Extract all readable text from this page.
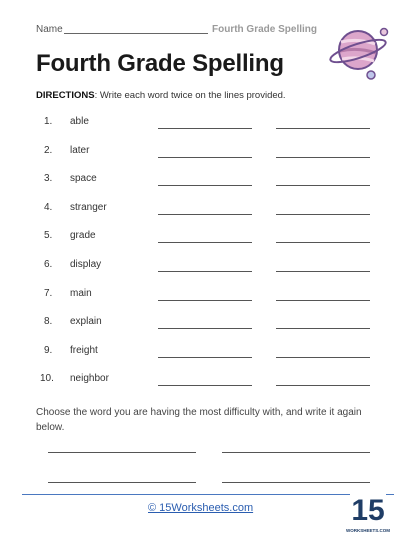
Name	Fourth Grade Spelling
Fourth Grade Spelling
DIRECTIONS: Write each word twice on the lines provided.
1. able
2. later
3. space
4. stranger
5. grade
6. display
7. main
8. explain
9. freight
10. neighbor
Choose the word you are having the most difficulty with, and write it again below.
© 15Worksheets.com	15
WORKSHEETS.COM
